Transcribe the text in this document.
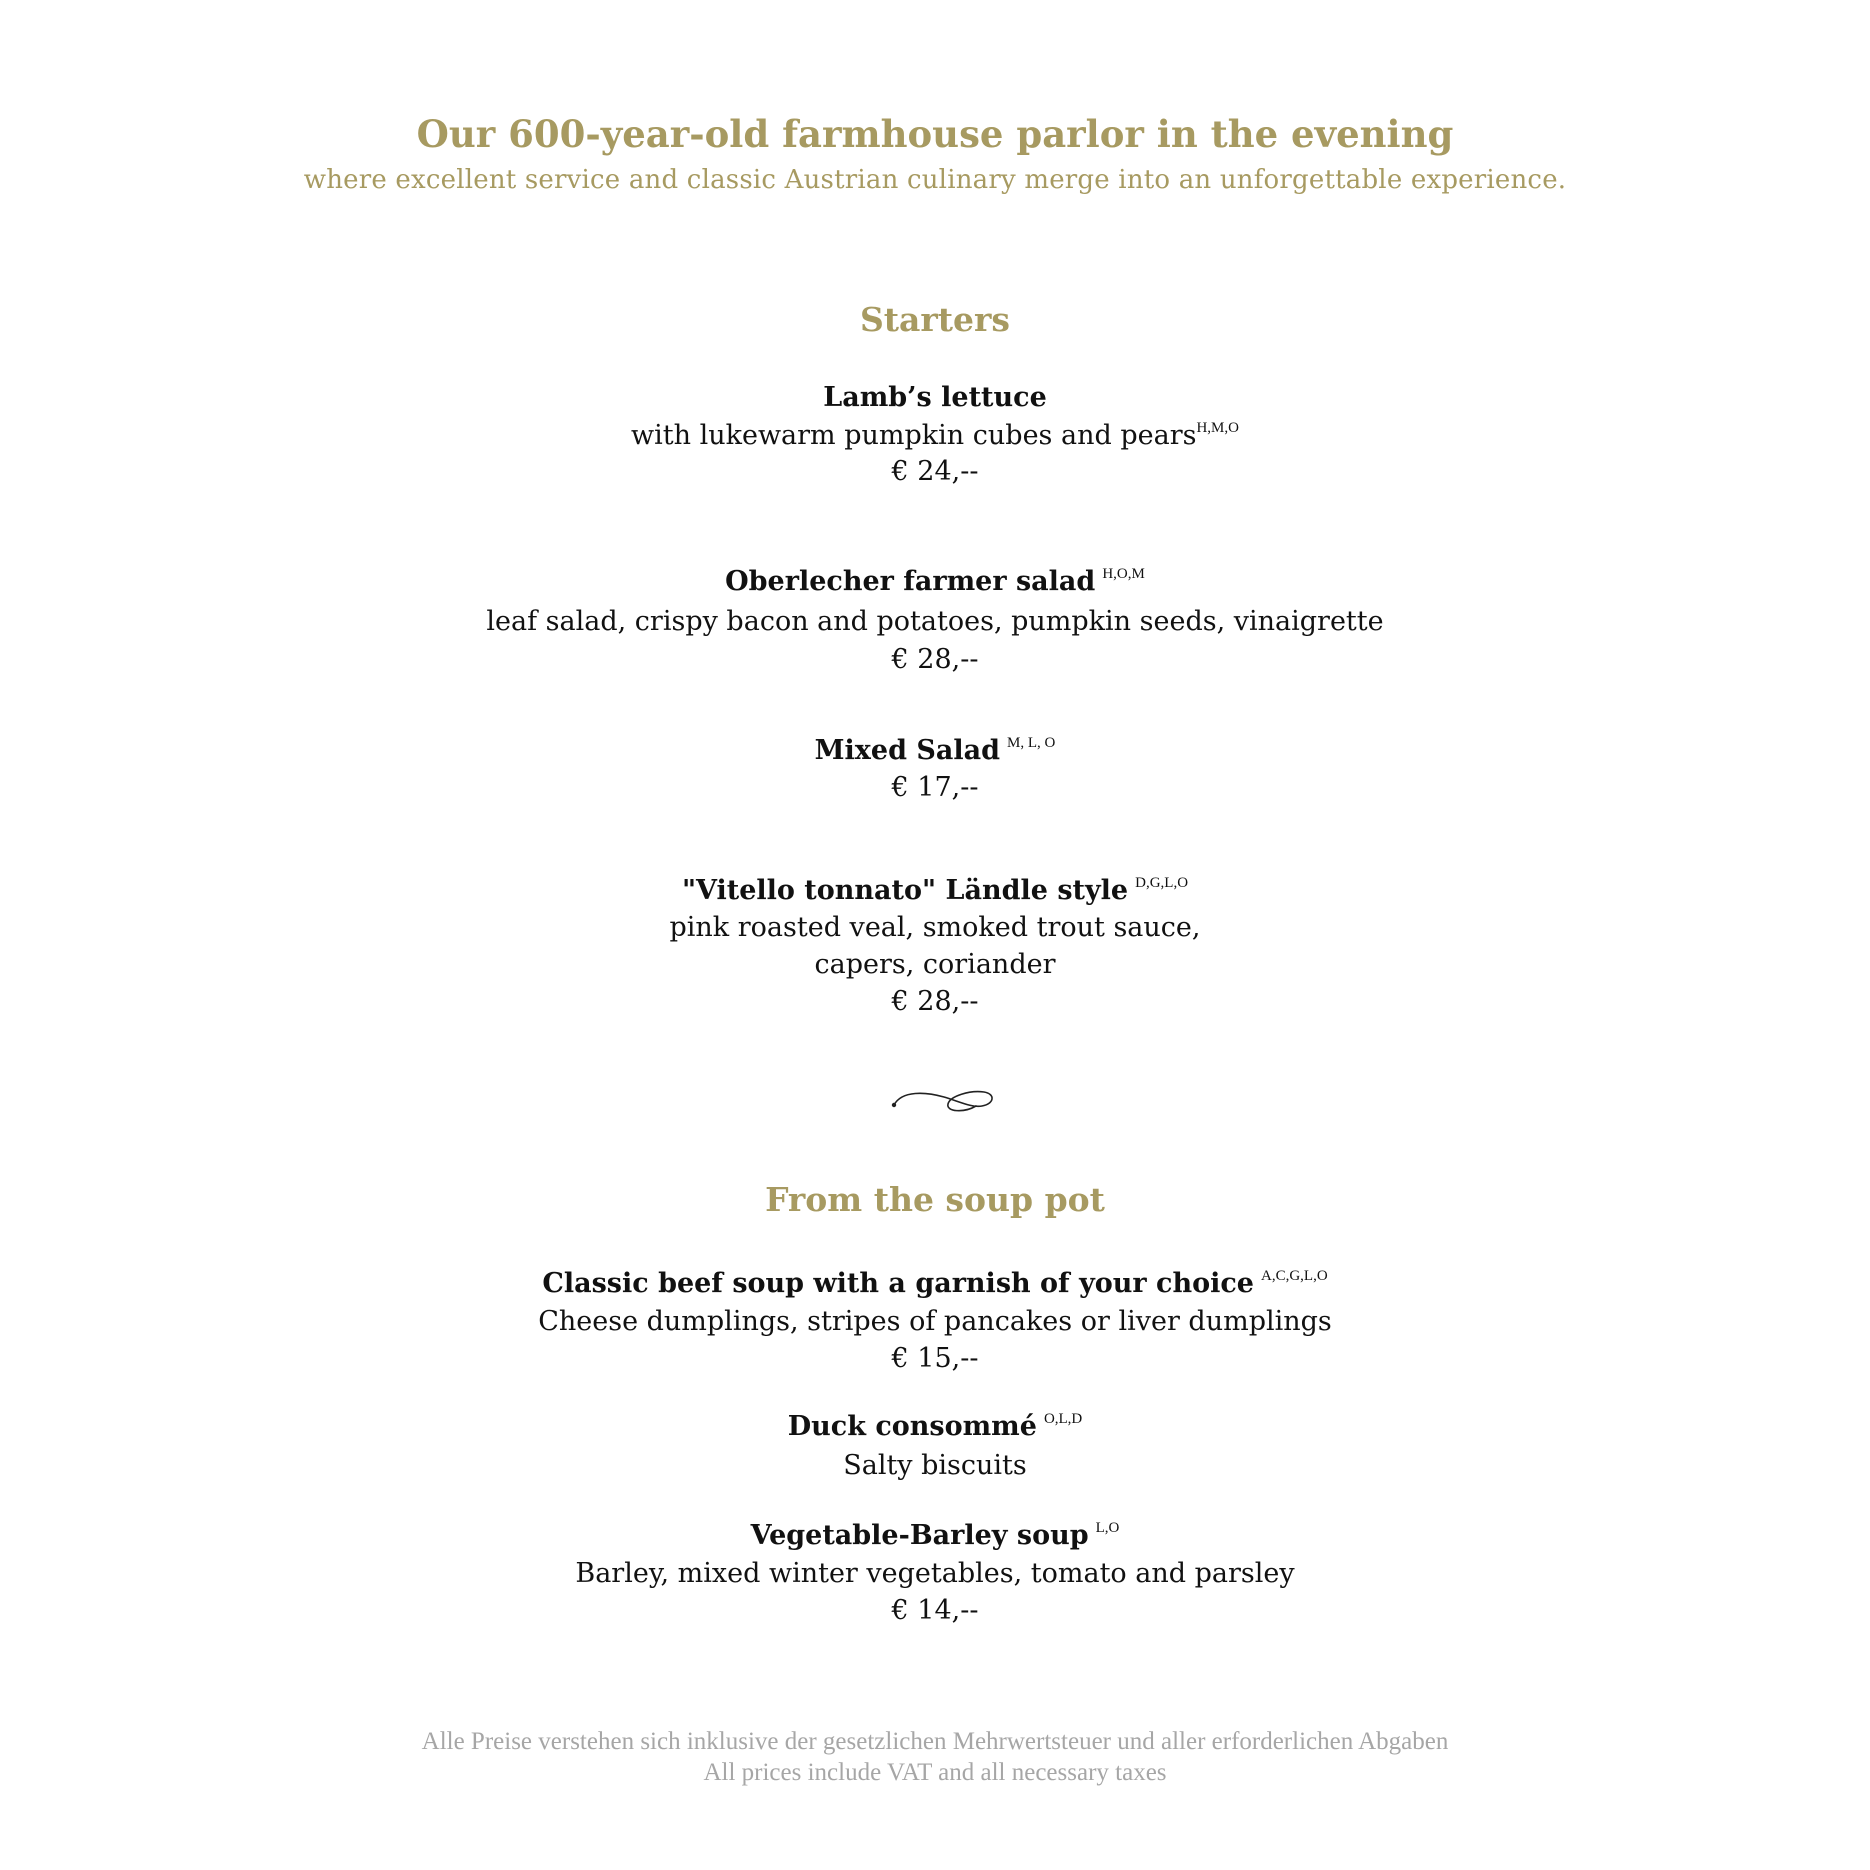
Our 600-year-old farmhouse parlor in the evening
where excellent service and classic Austrian culinary merge into an unforgettable experience.
Starters
Lamb’s lettuce
with lukewarm pumpkin cubes and pears$^{H,M,O}$
€ 24,--
Oberlecher farmer salad $^{H,O,M}$
leaf salad, crispy bacon and potatoes, pumpkin seeds, vinaigrette
€ 28,--
Mixed Salad $^{M, L, O}$
€ 17,--
"Vitello tonnato" Ländle style $^{D,G,L,O}$
pink roasted veal, smoked trout sauce,
capers, coriander
€ 28,--
From the soup pot
Classic beef soup with a garnish of your choice $^{A,C,G,L,O}$
Cheese dumplings, stripes of pancakes or liver dumplings
€ 15,--
Duck consommé $^{O,L,D}$
Salty biscuits
Vegetable-Barley soup $^{L,O}$
Barley, mixed winter vegetables, tomato and parsley
€ 14,--
Alle Preise verstehen sich inklusive der gesetzlichen Mehrwertsteuer und aller erforderlichen Abgaben
All prices include VAT and all necessary taxes
